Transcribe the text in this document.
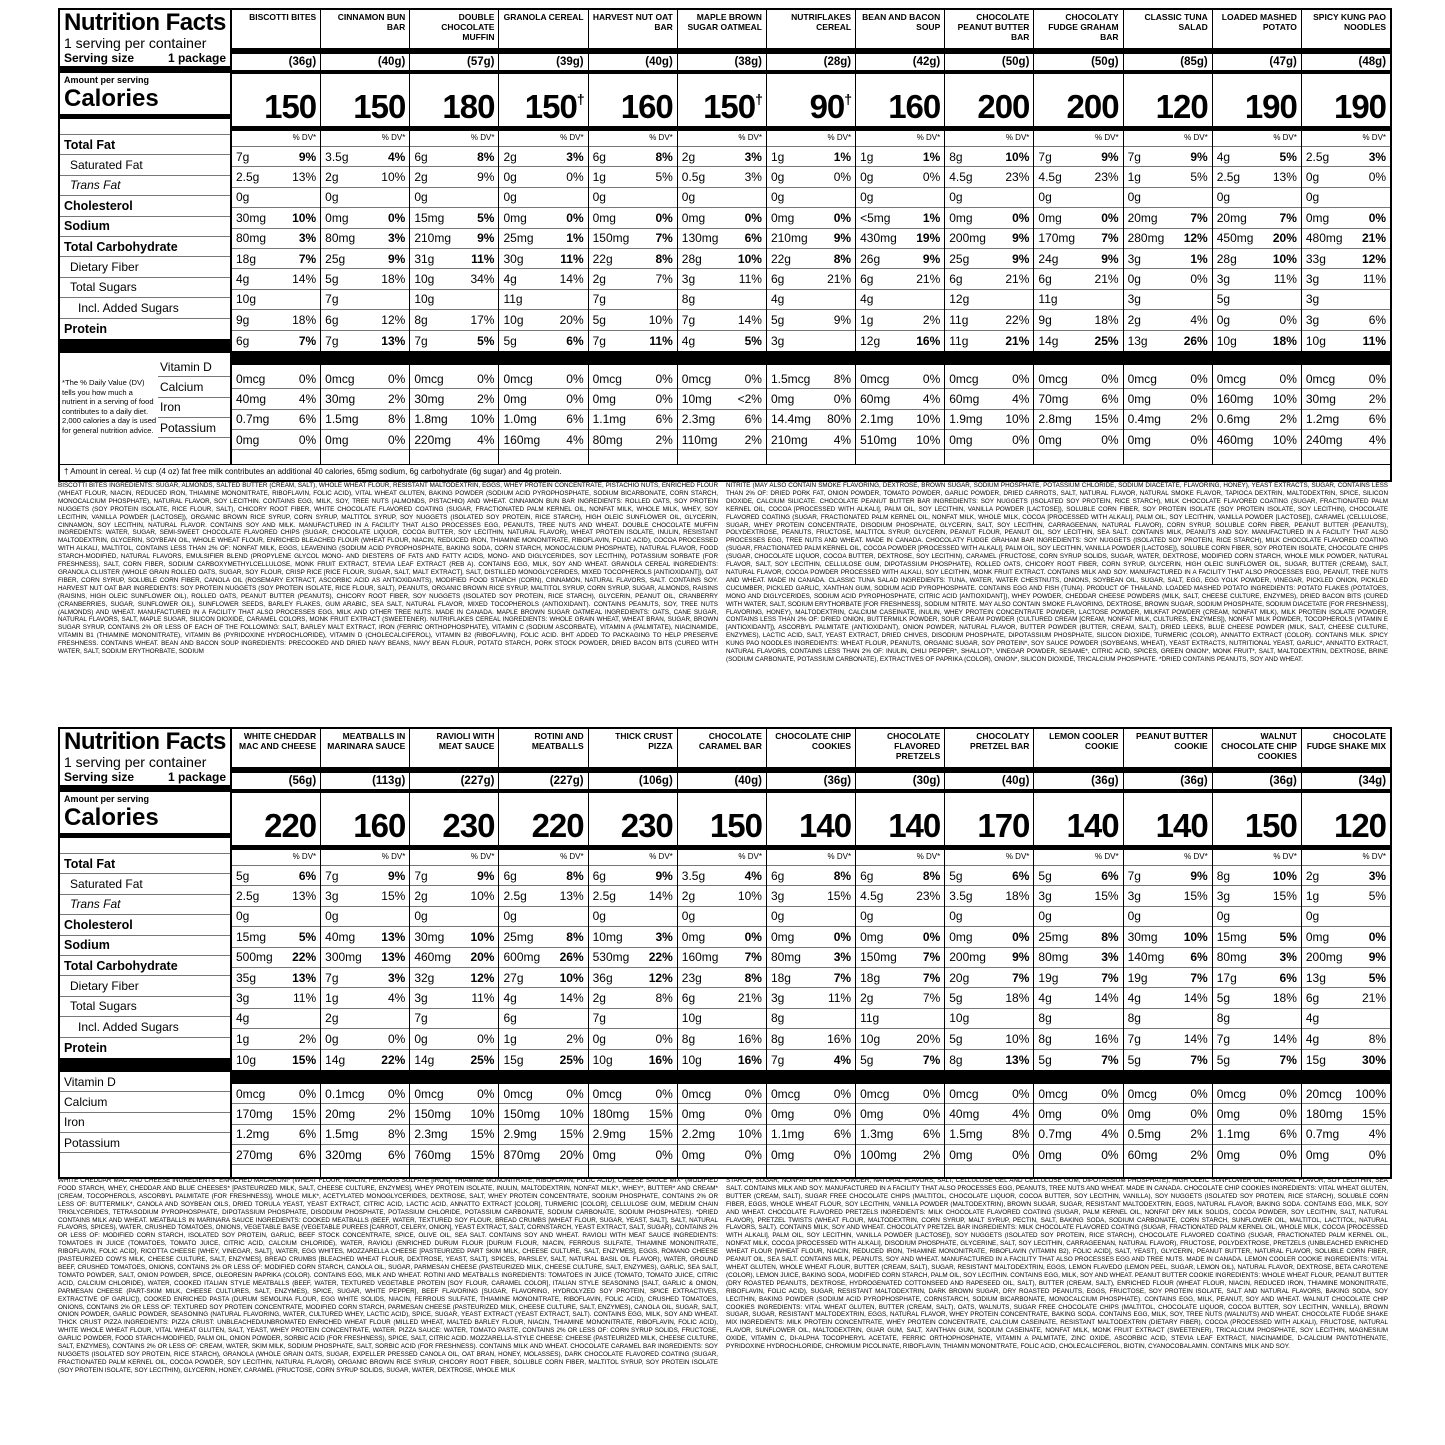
Nutrition Facts
1 serving per container
Serving size	1 package
Amount per serving
Calories
Total Fat
Saturated Fat
Trans Fat
Cholesterol
Sodium
Total Carbohydrate
Dietary Fiber
Total Sugars
Incl. Added Sugars
Protein
*The % Daily Value (DV) tells you how much a nutrient in a serving of food contributes to a daily diet. 2,000 calories a day is used for general nutrition advice.
Vitamin D
Calcium
Iron
Potassium
BISCOTTI BITES
(36g)
150
% DV*
7g	9%
2.5g	13%
0g
30mg	10%
80mg	3%
18g	7%
4g	14%
10g
9g	18%
6g	7%
0mcg	0%
40mg	4%
0.7mg	6%
0mg	0%
CINNAMON BUN BAR
(40g)
150
% DV*
3.5g	4%
2g	10%
0g
0mg	0%
80mg	3%
25g	9%
5g	18%
7g
6g	12%
7g	13%
0mcg	0%
30mg	2%
1.5mg	8%
0mg	0%
DOUBLE CHOCOLATE MUFFIN
(57g)
180
% DV*
6g	8%
2g	9%
0g
15mg	5%
210mg	9%
31g	11%
10g	34%
10g
8g	17%
7g	5%
0mcg	0%
30mg	2%
1.8mg	10%
220mg	4%
GRANOLA CEREAL
(39g)
150†
% DV*
2g	3%
0g	0%
0g
0mg	0%
25mg	1%
30g	11%
4g	14%
11g
10g	20%
5g	6%
0mcg	0%
0mg	0%
1.0mg	6%
160mg	4%
HARVEST NUT OAT BAR
(40g)
160
% DV*
6g	8%
1g	5%
0g
0mg	0%
150mg	7%
22g	8%
2g	7%
7g
5g	10%
7g	11%
0mcg	0%
0mg	0%
1.1mg	6%
80mg	2%
MAPLE BROWN SUGAR OATMEAL
(38g)
150†
% DV*
2g	3%
0.5g	3%
0g
0mg	0%
130mg	6%
28g	10%
3g	11%
8g
7g	14%
4g	5%
0mcg	0%
10mg	<2%
2.3mg	6%
110mg	2%
NUTRIFLAKES CEREAL
(28g)
90†
% DV*
1g	1%
0g	0%
0g
0mg	0%
210mg	9%
22g	8%
6g	21%
4g
5g	9%
3g
1.5mcg	8%
0mg	0%
14.4mg	80%
210mg	4%
BEAN AND BACON SOUP
(42g)
160
% DV*
1g	1%
0g	0%
0g
<5mg	1%
430mg	19%
26g	9%
6g	21%
4g
1g	2%
12g	16%
0mcg	0%
60mg	4%
2.1mg	10%
510mg	10%
CHOCOLATE PEANUT BUTTER BAR
(50g)
200
% DV*
8g	10%
4.5g	23%
0g
0mg	0%
200mg	9%
25g	9%
6g	21%
12g
11g	22%
11g	21%
0mcg	0%
60mg	4%
1.9mg	10%
0mg	0%
CHOCOLATY FUDGE GRAHAM BAR
(50g)
200
% DV*
7g	9%
4.5g	23%
0g
0mg	0%
170mg	7%
24g	9%
6g	21%
11g
9g	18%
14g	25%
0mcg	0%
70mg	6%
2.8mg	15%
0mg	0%
CLASSIC TUNA SALAD
(85g)
120
% DV*
7g	9%
1g	5%
0g
20mg	7%
280mg	12%
3g	1%
0g	0%
3g
2g	4%
13g	26%
0mcg	0%
0mg	0%
0.4mg	2%
0mg	0%
LOADED MASHED POTATO
(47g)
190
% DV*
4g	5%
2.5g	13%
0g
20mg	7%
450mg	20%
28g	10%
3g	11%
5g
0g	0%
10g	18%
0mcg	0%
160mg	10%
0.6mg	2%
460mg	10%
SPICY KUNG PAO NOODLES
(48g)
190
% DV*
2.5g	3%
0g	0%
0g
0mg	0%
480mg	21%
33g	12%
3g	11%
3g
3g	6%
10g	11%
0mcg	0%
30mg	2%
1.2mg	6%
240mg	4%
† Amount in cereal. ½ cup (4 oz) fat free milk contributes an additional 40 calories, 65mg sodium, 6g carbohydrate (6g sugar) and 4g protein.
BISCOTTI BITES INGREDIENTS: SUGAR, ALMONDS, SALTED BUTTER (CREAM, SALT), WHOLE WHEAT FLOUR, RESISTANT MALTODEXTRIN, EGGS, WHEY PROTEIN CONCENTRATE, PISTACHIO NUTS, ENRICHED FLOUR (WHEAT FLOUR, NIACIN, REDUCED IRON, THIAMINE MONONITRATE, RIBOFLAVIN, FOLIC ACID), VITAL WHEAT GLUTEN, BAKING POWDER (SODIUM ACID PYROPHOSPHATE, SODIUM BICARBONATE, CORN STARCH, MONOCALCIUM PHOSPHATE), NATURAL FLAVOR, SOY LECITHIN. CONTAINS EGG, MILK, SOY, TREE NUTS (ALMONDS, PISTACHIO) AND WHEAT. CINNAMON BUN BAR INGREDIENTS: ROLLED OATS, SOY PROTEIN NUGGETS (SOY PROTEIN ISOLATE, RICE FLOUR, SALT), CHICORY ROOT FIBER, WHITE CHOCOLATE FLAVORED COATING (SUGAR, FRACTIONATED PALM KERNEL OIL, NONFAT MILK, WHOLE MILK, WHEY, SOY LECITHIN, VANILLA POWDER [LACTOSE]), ORGANIC BROWN RICE SYRUP, CORN SYRUP, MALTITOL SYRUP, SOY NUGGETS (ISOLATED SOY PROTEIN, RICE STARCH), HIGH OLEIC SUNFLOWER OIL, GLYCERIN, CINNAMON, SOY LECITHIN, NATURAL FLAVOR. CONTAINS SOY AND MILK. MANUFACTURED IN A FACILITY THAT ALSO PROCESSES EGG, PEANUTS, TREE NUTS AND WHEAT. DOUBLE CHOCOLATE MUFFIN INGREDIENTS: WATER, SUGAR, SEMI-SWEET CHOCOLATE FLAVORED CHIPS (SUGAR, CHOCOLATE LIQUOR, COCOA BUTTER, SOY LECITHIN, NATURAL FLAVOR), WHEAT PROTEIN ISOLATE, INULIN, RESISTANT MALTODEXTRIN, GLYCERIN, SOYBEAN OIL, WHOLE WHEAT FLOUR, ENRICHED BLEACHED FLOUR (WHEAT FLOUR, NIACIN, REDUCED IRON, THIAMINE MONONITRATE, RIBOFLAVIN, FOLIC ACID), COCOA PROCESSED WITH ALKALI, MALTITOL, CONTAINS LESS THAN 2% OF: NONFAT MILK, EGGS, LEAVENING (SODIUM ACID PYROPHOSPHATE, BAKING SODA, CORN STARCH, MONOCALCIUM PHOSPHATE), NATURAL FLAVOR, FOOD STARCH-MODIFIED, NATURAL FLAVORS, EMULSIFIER BLEND (PROPYLENE GLYCOL MONO- AND DIESTERS OF FATS AND FATTY ACIDS, MONO- AND DIGLYCERIDES, SOY LECITHIN), POTASSIUM SORBATE (FOR FRESHNESS), SALT, CORN FIBER, SODIUM CARBOXYMETHYLCELLULOSE, MONK FRUIT EXTRACT, STEVIA LEAF EXTRACT (REB A). CONTAINS EGG, MILK, SOY AND WHEAT. GRANOLA CEREAL INGREDIENTS: GRANOLA CLUSTER (WHOLE GRAIN ROLLED OATS, SUGAR, SOY FLOUR, CRISP RICE [RICE FLOUR, SUGAR, SALT, MALT EXTRACT], SALT, DISTILLED MONOGLYCERIDES, MIXED TOCOPHEROLS [ANTIOXIDANT]), OAT FIBER, CORN SYRUP, SOLUBLE CORN FIBER, CANOLA OIL (ROSEMARY EXTRACT, ASCORBIC ACID AS ANTIOXIDANTS), MODIFIED FOOD STARCH (CORN), CINNAMON, NATURAL FLAVORS, SALT. CONTAINS SOY. HARVEST NUT OAT BAR INGREDIENTS: SOY PROTEIN NUGGETS (SOY PROTEIN ISOLATE, RICE FLOUR, SALT), PEANUTS, ORGANIC BROWN RICE SYRUP, MALTITOL SYRUP, CORN SYRUP, SUGAR, ALMONDS, RAISINS (RAISINS, HIGH OLEIC SUNFLOWER OIL), ROLLED OATS, PEANUT BUTTER (PEANUTS), CHICORY ROOT FIBER, SOY NUGGETS (ISOLATED SOY PROTEIN, RICE STARCH), GLYCERIN, PEANUT OIL, CRANBERRY (CRANBERRIES, SUGAR, SUNFLOWER OIL), SUNFLOWER SEEDS, BARLEY FLAKES, GUM ARABIC, SEA SALT, NATURAL FLAVOR, MIXED TOCOPHEROLS (ANTIOXIDANT). CONTAINS PEANUTS, SOY, TREE NUTS (ALMONDS) AND WHEAT. MANUFACTURED IN A FACILITY THAT ALSO PROCESSES EGG, MILK AND OTHER TREE NUTS. MADE IN CANADA. MAPLE BROWN SUGAR OATMEAL INGREDIENTS: OATS, CANE SUGAR, NATURAL FLAVORS, SALT, MAPLE SUGAR, SILICON DIOXIDE, CARAMEL COLORS, MONK FRUIT EXTRACT (SWEETENER). NUTRIFLAKES CEREAL INGREDIENTS: WHOLE GRAIN WHEAT, WHEAT BRAN, SUGAR, BROWN SUGAR SYRUP, CONTAINS 2% OR LESS OF EACH OF THE FOLLOWING: SALT, BARLEY MALT EXTRACT, IRON (FERRIC ORTHOPHOSPHATE), VITAMIN C (SODIUM ASCORBATE), VITAMIN A (PALMITATE), NIACINAMIDE, VITAMIN B1 (THIAMINE MONONITRATE), VITAMIN B6 (PYRIDOXINE HYDROCHLORIDE), VITAMIN D (CHOLECALCIFEROL), VITAMIN B2 (RIBOFLAVIN), FOLIC ACID. BHT ADDED TO PACKAGING TO HELP PRESERVE FRESHNESS. CONTAINS WHEAT. BEAN AND BACON SOUP INGREDIENTS: PRECOOKED AND DRIED NAVY BEANS, NAVY BEAN FLOUR, POTATO STARCH, PORK STOCK POWDER, DRIED BACON BITS (CURED WITH WATER, SALT, SODIUM ERYTHORBATE, SODIUM
NITRITE (MAY ALSO CONTAIN SMOKE FLAVORING, DEXTROSE, BROWN SUGAR, SODIUM PHOSPHATE, POTASSIUM CHLORIDE, SODIUM DIACETATE, FLAVORING, HONEY), YEAST EXTRACTS, SUGAR, CONTAINS LESS THAN 2% OF: DRIED PORK FAT, ONION POWDER, TOMATO POWDER, GARLIC POWDER, DRIED CARROTS, SALT, NATURAL FLAVOR, NATURAL SMOKE FLAVOR, TAPIOCA DEXTRIN, MALTODEXTRIN, SPICE, SILICON DIOXIDE, CALCIUM SILICATE. CHOCOLATE PEANUT BUTTER BAR INGREDIENTS: SOY NUGGETS (ISOLATED SOY PROTEIN, RICE STARCH), MILK CHOCOLATE FLAVORED COATING (SUGAR, FRACTIONATED PALM KERNEL OIL, COCOA [PROCESSED WITH ALKALI], PALM OIL, SOY LECITHIN, VANILLA POWDER [LACTOSE]), SOLUBLE CORN FIBER, SOY PROTEIN ISOLATE (SOY PROTEIN ISOLATE, SOY LECITHIN), CHOCOLATE FLAVORED COATING (SUGAR, FRACTIONATED PALM KERNEL OIL, NONFAT MILK, WHOLE MILK, COCOA [PROCESSED WITH ALKALI], PALM OIL, SOY LECITHIN, VANILLA POWDER [LACTOSE]), CARAMEL (CELLULOSE, SUGAR, WHEY PROTEIN CONCENTRATE, DISODIUM PHOSPHATE, GLYCERIN, SALT, SOY LECITHIN, CARRAGEENAN, NATURAL FLAVOR), CORN SYRUP, SOLUBLE CORN FIBER, PEANUT BUTTER (PEANUTS), POLYDEXTROSE, PEANUTS, FRUCTOSE, MALTITOL SYRUP, GLYCERIN, PEANUT FLOUR, PEANUT OIL, SOY LECITHIN, SEA SALT. CONTAINS MILK, PEANUTS AND SOY. MANUFACTURED IN A FACILITY THAT ALSO PROCESSES EGG, TREE NUTS AND WHEAT. MADE IN CANADA. CHOCOLATY FUDGE GRAHAM BAR INGREDIENTS: SOY NUGGETS (ISOLATED SOY PROTEIN, RICE STARCH), MILK CHOCOLATE FLAVORED COATING (SUGAR, FRACTIONATED PALM KERNEL OIL, COCOA POWDER [PROCESSED WITH ALKALI], PALM OIL, SOY LECITHIN, VANILLA POWDER [LACTOSE]), SOLUBLE CORN FIBER, SOY PROTEIN ISOLATE, CHOCOLATE CHIPS (SUGAR, CHOCOLATE LIQUOR, COCOA BUTTER, DEXTROSE, SOY LECITHIN), CARAMEL (FRUCTOSE, CORN SYRUP SOLIDS, SUGAR, WATER, DEXTROSE, MODIFIED CORN STARCH, WHOLE MILK POWDER, NATURAL FLAVOR, SALT, SOY LECITHIN, CELLULOSE GUM, DIPOTASSIUM PHOSPHATE), ROLLED OATS, CHICORY ROOT FIBER, CORN SYRUP, GLYCERIN, HIGH OLEIC SUNFLOWER OIL, SUGAR, BUTTER (CREAM), SALT, NATURAL FLAVOR, COCOA POWDER PROCESSED WITH ALKALI, SOY LECITHIN, MONK FRUIT EXTRACT. CONTAINS MILK AND SOY. MANUFACTURED IN A FACILITY THAT ALSO PROCESSES EGG, PEANUT, TREE NUTS AND WHEAT. MADE IN CANADA. CLASSIC TUNA SALAD INGREDIENTS: TUNA, WATER, WATER CHESTNUTS, ONIONS, SOYBEAN OIL, SUGAR, SALT, EGG, EGG YOLK POWDER, VINEGAR, PICKLED ONION, PICKLED CUCUMBER, PICKLED GARLIC, XANTHAN GUM, SODIUM ACID PYROPHOSPHATE. CONTAINS EGG AND FISH (TUNA). PRODUCT OF THAILAND. LOADED MASHED POTATO INGREDIENTS: POTATO FLAKES (POTATOES, MONO AND DIGLYCERIDES, SODIUM ACID PYROPHOSPHATE, CITRIC ACID [ANTIOXIDANT]), WHEY POWDER, CHEDDAR CHEESE POWDERS (MILK, SALT, CHEESE CULTURE, ENZYMES), DRIED BACON BITS (CURED WITH WATER, SALT, SODIUM ERYTHORBATE [FOR FRESHNESS], SODIUM NITRITE. MAY ALSO CONTAIN SMOKE FLAVORING, DEXTROSE, BROWN SUGAR, SODIUM PHOSPHATE, SODIUM DIACETATE [FOR FRESHNESS], FLAVORING, HONEY), MALTODEXTRIN, CALCIUM CASEINATE, INULIN, WHEY PROTEIN CONCENTRATE POWDER, LACTOSE POWDER, MILKFAT POWDER (CREAM, NONFAT MILK), MILK PROTEIN ISOLATE POWDER, CONTAINS LESS THAN 2% OF: DRIED ONION, BUTTERMILK POWDER, SOUR CREAM POWDER (CULTURED CREAM [CREAM, NONFAT MILK, CULTURES, ENZYMES]), NONFAT MILK POWDER, TOCOPHEROLS (VITAMIN E [ANTIOXIDANT]), ASCORBYL PALMITATE (ANTIOXIDANT), ONION POWDER, NATURAL FLAVOR, BUTTER POWDER (BUTTER, CREAM, SALT), DRIED LEEKS, BLUE CHEESE POWDER (MILK, SALT, CHEESE CULTURE, ENZYMES), LACTIC ACID, SALT, YEAST EXTRACT, DRIED CHIVES, DISODIUM PHOSPHATE, DIPOTASSIUM PHOSPHATE, SILICON DIOXIDE, TURMERIC (COLOR), ANNATTO EXTRACT (COLOR). CONTAINS MILK. SPICY KUNG PAO NOODLES INGREDIENTS: WHEAT FLOUR, PEANUTS, ORGANIC SUGAR, SOY PROTEIN*, SOY SAUCE POWDER (SOYBEANS, WHEAT), YEAST EXTRACTS, NUTRITIONAL YEAST, GARLIC*, ANNATTO EXTRACT, NATURAL FLAVORS, CONTAINS LESS THAN 2% OF: INULIN, CHILI PEPPER*, SHALLOT*, VINEGAR POWDER, SESAME*, CITRIC ACID, SPICES, GREEN ONION*, MONK FRUIT*, SALT, MALTODEXTRIN, DEXTROSE, BRINE (SODIUM CARBONATE, POTASSIUM CARBONATE), EXTRACTIVES OF PAPRIKA (COLOR), ONION*, SILICON DIOXIDE, TRICALCIUM PHOSPHATE. *DRIED CONTAINS PEANUTS, SOY AND WHEAT.
Nutrition Facts
1 serving per container
Serving size	1 package
Amount per serving
Calories
Total Fat
Saturated Fat
Trans Fat
Cholesterol
Sodium
Total Carbohydrate
Dietary Fiber
Total Sugars
Incl. Added Sugars
Protein
Vitamin D
Calcium
Iron
Potassium
WHITE CHEDDAR MAC AND CHEESE
(56g)
220
% DV*
5g	6%
2.5g	13%
0g
15mg	5%
500mg	22%
35g	13%
3g	11%
4g
1g	2%
10g	15%
0mcg	0%
170mg	15%
1.2mg	6%
270mg	6%
MEATBALLS IN MARINARA SAUCE
(113g)
160
% DV*
7g	9%
3g	15%
0g
40mg	13%
300mg	13%
7g	3%
1g	4%
2g
0g	0%
14g	22%
0.1mcg	0%
20mg	2%
1.5mg	8%
320mg	6%
RAVIOLI WITH MEAT SAUCE
(227g)
230
% DV*
7g	9%
2g	10%
0g
30mg	10%
460mg	20%
32g	12%
3g	11%
7g
0g	0%
14g	25%
0mcg	0%
150mg	10%
2.3mg	15%
760mg	15%
ROTINI AND MEATBALLS
(227g)
220
% DV*
6g	8%
2.5g	13%
0g
25mg	8%
600mg	26%
27g	10%
4g	14%
6g
1g	2%
15g	25%
0mcg	0%
150mg	10%
2.9mg	15%
870mg	20%
THICK CRUST PIZZA
(106g)
230
% DV*
6g	9%
2.5g	14%
0g
10mg	3%
530mg	22%
36g	12%
2g	8%
7g
0g	0%
10g	16%
0mcg	0%
180mg	15%
2.9mg	15%
0mg	0%
CHOCOLATE CARAMEL BAR
(40g)
150
% DV*
3.5g	4%
2g	10%
0g
0mg	0%
160mg	7%
23g	8%
6g	21%
10g
8g	16%
10g	16%
0mcg	0%
0mg	0%
2.2mg	10%
0mg	0%
CHOCOLATE CHIP COOKIES
(36g)
140
% DV*
6g	8%
3g	15%
0g
0mg	0%
80mg	3%
18g	7%
3g	11%
8g
8g	16%
7g	4%
0mcg	0%
0mg	0%
1.1mg	6%
0mg	0%
CHOCOLATE FLAVORED PRETZELS
(30g)
140
% DV*
6g	8%
4.5g	23%
0g
0mg	0%
150mg	7%
18g	7%
2g	7%
11g
10g	20%
5g	7%
0mcg	0%
0mg	0%
1.3mg	6%
100mg	2%
CHOCOLATY PRETZEL BAR
(40g)
170
% DV*
5g	6%
3.5g	18%
0g
0mg	0%
200mg	9%
20g	7%
5g	18%
10g
5g	10%
8g	13%
0mcg	0%
40mg	4%
1.5mg	8%
0mg	0%
LEMON COOLER COOKIE
(36g)
140
% DV*
5g	6%
3g	15%
0g
25mg	8%
80mg	3%
19g	7%
4g	14%
8g
8g	16%
5g	7%
0mcg	0%
0mg	0%
0.7mg	4%
0mg	0%
PEANUT BUTTER COOKIE
(36g)
140
% DV*
7g	9%
3g	15%
0g
30mg	10%
140mg	6%
19g	7%
4g	14%
8g
7g	14%
5g	7%
0mcg	0%
0mg	0%
0.5mg	2%
60mg	2%
WALNUT CHOCOLATE CHIP COOKIES
(36g)
150
% DV*
8g	10%
3g	15%
0g
15mg	5%
80mg	3%
17g	6%
5g	18%
8g
7g	14%
5g	7%
0mcg	0%
0mg	0%
1.1mg	6%
0mg	0%
CHOCOLATE FUDGE SHAKE MIX
(34g)
120
% DV*
2g	3%
1g	5%
0g
0mg	0%
200mg	9%
13g	5%
6g	21%
4g
4g	8%
15g	30%
20mcg	100%
180mg	15%
0.7mg	4%
0mg	0%
WHITE CHEDDAR MAC AND CHEESE INGREDIENTS: ENRICHED MACARONI* (WHEAT FLOUR, NIACIN, FERROUS SULFATE [IRON], THIAMINE MONONITRATE, RIBOFLAVIN, FOLIC ACID), CHEESE SAUCE MIX* (MODIFIED FOOD STARCH, WHEY, CHEDDAR AND BLUE CHEESES* [PASTEURIZED MILK, SALT, CHEESE CULTURE, ENZYMES], WHEY PROTEIN ISOLATE, INULIN, MALTODEXTRIN, NONFAT MILK*, WHEY*, BUTTER* AND CREAM* [CREAM, TOCOPHEROLS, ASCORBYL PALMITATE (FOR FRESHNESS)], WHOLE MILK*, ACETYLATED MONOGLYCERIDES, DEXTROSE, SALT, WHEY PROTEIN CONCENTRATE, SODIUM PHOSPHATE, CONTAINS 2% OR LESS OF: BUTTERMILK*, CANOLA AND SOYBEAN OILS, DRIED TORULA YEAST, YEAST EXTRACT, CITRIC ACID, LACTIC ACID, ANNATTO EXTRACT [COLOR], TURMERIC [COLOR], CELLULOSE GUM, MEDIUM CHAIN TRIGLYCERIDES, TETRASODIUM PYROPHOSPHATE, DIPOTASSIUM PHOSPHATE, DISODIUM PHOSPHATE, POTASSIUM CHLORIDE, POTASSIUM CARBONATE, SODIUM CARBONATE, SODIUM PHOSPHATES). *DRIED CONTAINS MILK AND WHEAT. MEATBALLS IN MARINARA SAUCE INGREDIENTS: COOKED MEATBALLS (BEEF, WATER, TEXTURED SOY FLOUR, BREAD CRUMBS [WHEAT FLOUR, SUGAR, YEAST, SALT], SALT, NATURAL FLAVORS, SPICES), WATER, CRUSHED TOMATOES, ONIONS, VEGETABLE BASE (VEGETABLE PUREES [CARROT, CELERY, ONION], YEAST EXTRACT, SALT, CORNSTARCH, YEAST EXTRACT, SALT, SUGAR), CONTAINS 2% OR LESS OF: MODIFIED CORN STARCH, ISOLATED SOY PROTEIN, GARLIC, BEEF STOCK CONCENTRATE, SPICE, OLIVE OIL, SEA SALT. CONTAINS SOY AND WHEAT. RAVIOLI WITH MEAT SAUCE INGREDIENTS: TOMATOES IN JUICE (TOMATOES, TOMATO JUICE, CITRIC ACID, CALCIUM CHLORIDE), WATER, RAVIOLI (ENRICHED DURUM FLOUR [DURUM FLOUR, NIACIN, FERROUS SULFATE, THIAMINE MONONITRATE, RIBOFLAVIN, FOLIC ACID], RICOTTA CHEESE [WHEY, VINEGAR, SALT], WATER, EGG WHITES, MOZZARELLA CHEESE [PASTEURIZED PART SKIM MILK, CHEESE CULTURE, SALT, ENZYMES], EGGS, ROMANO CHEESE [PASTEURIZED COW'S MILK, CHEESE CULTURE, SALT, ENZYMES], BREAD CRUMBS [BLEACHED WHEAT FLOUR, DEXTROSE, YEAST, SALT], SPICES, PARSLEY, SALT, NATURAL BASIL OIL FLAVOR), WATER, GROUND BEEF, CRUSHED TOMATOES, ONIONS, CONTAINS 2% OR LESS OF: MODIFIED CORN STARCH, CANOLA OIL, SUGAR, PARMESAN CHEESE (PASTEURIZED MILK, CHEESE CULTURE, SALT, ENZYMES), GARLIC, SEA SALT, TOMATO POWDER, SALT, ONION POWDER, SPICE, OLEORESIN PAPRIKA (COLOR). CONTAINS EGG, MILK AND WHEAT. ROTINI AND MEATBALLS INGREDIENTS: TOMATOES IN JUICE (TOMATO, TOMATO JUICE, CITRIC ACID, CALCIUM CHLORIDE), WATER, COOKED ITALIAN STYLE MEATBALLS (BEEF, WATER, TEXTURED VEGETABLE PROTEIN [SOY FLOUR, CARAMEL COLOR], ITALIAN STYLE SEASONING [SALT, GARLIC & ONION, PARMESAN CHEESE (PART-SKIM MILK, CHEESE CULTURES, SALT, ENZYMES), SPICE, SUGAR, WHITE PEPPER], BEEF FLAVORING [SUGAR, FLAVORING, HYDROLYZED SOY PROTEIN, SPICE EXTRACTIVES, EXTRACTIVE OF GARLIC]), COOKED ENRICHED PASTA (DURUM SEMOLINA FLOUR, EGG WHITE SOLIDS, NIACIN, FERROUS SULFATE, THIAMINE MONONITRATE, RIBOFLAVIN, FOLIC ACID), CRUSHED TOMATOES, ONIONS, CONTAINS 2% OR LESS OF: TEXTURED SOY PROTEIN CONCENTRATE, MODIFIED CORN STARCH, PARMESAN CHEESE (PASTEURIZED MILK, CHEESE CULTURE, SALT, ENZYMES), CANOLA OIL, SUGAR, SALT, ONION POWDER, GARLIC POWDER, SEASONING (NATURAL FLAVORING, WATER, CULTURED WHEY, LACTIC ACID), SPICE, SUGAR, YEAST EXTRACT (YEAST EXTRACT, SALT). CONTAINS EGG, MILK, SOY AND WHEAT. THICK CRUST PIZZA INGREDIENTS: PIZZA CRUST: UNBLEACHED/UNBROMATED ENRICHED WHEAT FLOUR (MILLED WHEAT, MALTED BARLEY FLOUR, NIACIN, THIAMINE MONONITRATE, RIBOFLAVIN, FOLIC ACID), WHITE WHOLE WHEAT FLOUR, VITAL WHEAT GLUTEN, SALT, YEAST, WHEY PROTEIN CONCENTRATE, WATER. PIZZA SAUCE: WATER, TOMATO PASTE, CONTAINS 2% OR LESS OF: CORN SYRUP SOLIDS, FRUCTOSE, GARLIC POWDER, FOOD STARCH-MODIFIED, PALM OIL, ONION POWDER, SORBIC ACID (FOR FRESHNESS), SPICE, SALT, CITRIC ACID. MOZZARELLA-STYLE CHEESE: CHEESE (PASTEURIZED MILK, CHEESE CULTURE, SALT, ENZYMES), CONTAINS 2% OR LESS OF: CREAM, WATER, SKIM MILK, SODIUM PHOSPHATE, SALT, SORBIC ACID (FOR FRESHNESS). CONTAINS MILK AND WHEAT. CHOCOLATE CARAMEL BAR INGREDIENTS: SOY NUGGETS (ISOLATED SOY PROTEIN, RICE STARCH), GRANOLA (WHOLE GRAIN OATS, SUGAR, EXPELLER PRESSED CANOLA OIL, OAT BRAN, HONEY, MOLASSES), DARK CHOCOLATE FLAVORED COATING (SUGAR, FRACTIONATED PALM KERNEL OIL, COCOA POWDER, SOY LECITHIN, NATURAL FLAVOR), ORGANIC BROWN RICE SYRUP, CHICORY ROOT FIBER, SOLUBLE CORN FIBER, MALTITOL SYRUP, SOY PROTEIN ISOLATE (SOY PROTEIN ISOLATE, SOY LECITHIN), GLYCERIN, HONEY, CARAMEL (FRUCTOSE, CORN SYRUP SOLIDS, SUGAR, WATER, DEXTROSE, WHOLE MILK
STARCH, SUGAR, NONFAT DRY MILK POWDER, NATURAL FLAVORS, SALT, CELLULOSE GEL AND CELLULOSE GUM, DIPOTASSIUM PHOSPHATE), HIGH OLEIC SUNFLOWER OIL, NATURAL FLAVOR, SOY LECITHIN, SEA SALT. CONTAINS MILK AND SOY. MANUFACTURED IN A FACILITY THAT ALSO PROCESSES EGG, PEANUTS, TREE NUTS AND WHEAT. MADE IN CANADA. CHOCOLATE CHIP COOKIES INGREDIENTS: VITAL WHEAT GLUTEN, BUTTER (CREAM, SALT), SUGAR FREE CHOCOLATE CHIPS (MALTITOL, CHOCOLATE LIQUOR, COCOA BUTTER, SOY LECITHIN, VANILLA), SOY NUGGETS (ISOLATED SOY PROTEIN, RICE STARCH), SOLUBLE CORN FIBER, EGGS, WHOLE WHEAT FLOUR, SOY LECITHIN, VANILLA POWDER (MALTODEXTRIN), BROWN SUGAR, SUGAR, RESISTANT MALTODEXTRIN, EGGS, NATURAL FLAVOR, BAKING SODA. CONTAINS EGG, MILK, SOY AND WHEAT. CHOCOLATE FLAVORED PRETZELS INGREDIENTS: MILK CHOCOLATE FLAVORED COATING (SUGAR, PALM KERNEL OIL, NONFAT DRY MILK SOLIDS, COCOA POWDER, SOY LECITHIN, SALT, NATURAL FLAVOR), PRETZEL TWISTS (WHEAT FLOUR, MALTODEXTRIN, CORN SYRUP, MALT SYRUP, PECTIN, SALT, BAKING SODA, SODIUM CARBONATE, CORN STARCH, SUNFLOWER OIL, MALTITOL, LACTITOL, NATURAL FLAVORS, SALT). CONTAINS MILK, SOY AND WHEAT. CHOCOLATY PRETZEL BAR INGREDIENTS: MILK CHOCOLATE FLAVORED COATING (SUGAR, FRACTIONATED PALM KERNEL OIL, WHOLE MILK, COCOA [PROCESSED WITH ALKALI], PALM OIL, SOY LECITHIN, VANILLA POWDER [LACTOSE]), SOY NUGGETS (ISOLATED SOY PROTEIN, RICE STARCH), CHOCOLATE FLAVORED COATING (SUGAR, FRACTIONATED PALM KERNEL OIL, NONFAT MILK, COCOA [PROCESSED WITH ALKALI], DISODIUM PHOSPHATE, GLYCERINE, SALT, SOY LECITHIN, CARRAGEENAN, NATURAL FLAVOR), FRUCTOSE, POLYDEXTROSE, PRETZELS (UNBLEACHED ENRICHED WHEAT FLOUR [WHEAT FLOUR, NIACIN, REDUCED IRON, THIAMINE MONONITRATE, RIBOFLAVIN (VITAMIN B2), FOLIC ACID], SALT, YEAST), GLYCERIN, PEANUT BUTTER, NATURAL FLAVOR, SOLUBLE CORN FIBER, PEANUT OIL, SEA SALT. CONTAINS MILK, PEANUTS, SOY AND WHEAT. MANUFACTURED IN A FACILITY THAT ALSO PROCESSES EGG AND TREE NUTS. MADE IN CANADA. LEMON COOLER COOKIE INGREDIENTS: VITAL WHEAT GLUTEN, WHOLE WHEAT FLOUR, BUTTER (CREAM, SALT), SUGAR, RESISTANT MALTODEXTRIN, EGGS, LEMON FLAVEDO (LEMON PEEL, SUGAR, LEMON OIL), NATURAL FLAVOR, DEXTROSE, BETA CAROTENE (COLOR), LEMON JUICE, BAKING SODA, MODIFIED CORN STARCH, PALM OIL, SOY LECITHIN. CONTAINS EGG, MILK, SOY AND WHEAT. PEANUT BUTTER COOKIE INGREDIENTS: WHOLE WHEAT FLOUR, PEANUT BUTTER (DRY ROASTED PEANUTS, DEXTROSE, HYDROGENATED COTTONSEED AND RAPESEED OIL, SALT), BUTTER (CREAM, SALT), ENRICHED FLOUR (WHEAT FLOUR, NIACIN, REDUCED IRON, THIAMINE MONONITRATE, RIBOFLAVIN, FOLIC ACID), SUGAR, RESISTANT MALTODEXTRIN, DARK BROWN SUGAR, DRY ROASTED PEANUTS, EGGS, FRUCTOSE, SOY PROTEIN ISOLATE, SALT AND NATURAL FLAVORS, BAKING SODA, SOY LECITHIN, BAKING POWDER (SODIUM ACID PYROPHOSPHATE, CORNSTARCH, SODIUM BICARBONATE, MONOCALCIUM PHOSPHATE). CONTAINS EGG, MILK, PEANUT, SOY AND WHEAT. WALNUT CHOCOLATE CHIP COOKIES INGREDIENTS: VITAL WHEAT GLUTEN, BUTTER (CREAM, SALT), OATS, WALNUTS, SUGAR FREE CHOCOLATE CHIPS (MALTITOL, CHOCOLATE LIQUOR, COCOA BUTTER, SOY LECITHIN, VANILLA), BROWN SUGAR, SUGAR, RESISTANT MALTODEXTRIN, EGGS, NATURAL FLAVOR, WHEY PROTEIN CONCENTRATE, BAKING SODA. CONTAINS EGG, MILK, SOY, TREE NUTS (WALNUTS) AND WHEAT. CHOCOLATE FUDGE SHAKE MIX INGREDIENTS: MILK PROTEIN CONCENTRATE, WHEY PROTEIN CONCENTRATE, CALCIUM CASEINATE, RESISTANT MALTODEXTRIN (DIETARY FIBER), COCOA (PROCESSED WITH ALKALI), FRUCTOSE, NATURAL FLAVOR, SUNFLOWER OIL, MALTODEXTRIN, GUAR GUM, SALT, XANTHAN GUM, SODIUM CASEINATE, NONFAT MILK, MONK FRUIT EXTRACT (SWEETENER), TRICALCIUM PHOSPHATE, SOY LECITHIN, MAGNESIUM OXIDE, VITAMIN C, DI-ALPHA TOCOPHERYL ACETATE, FERRIC ORTHOPHOSPHATE, VITAMIN A PALMITATE, ZINC OXIDE, ASCORBIC ACID, STEVIA LEAF EXTRACT, NIACINAMIDE, D-CALCIUM PANTOTHENATE, PYRIDOXINE HYDROCHLORIDE, CHROMIUM PICOLINATE, RIBOFLAVIN, THIAMIN MONONITRATE, FOLIC ACID, CHOLECALCIFEROL, BIOTIN, CYANOCOBALAMIN. CONTAINS MILK AND SOY.
